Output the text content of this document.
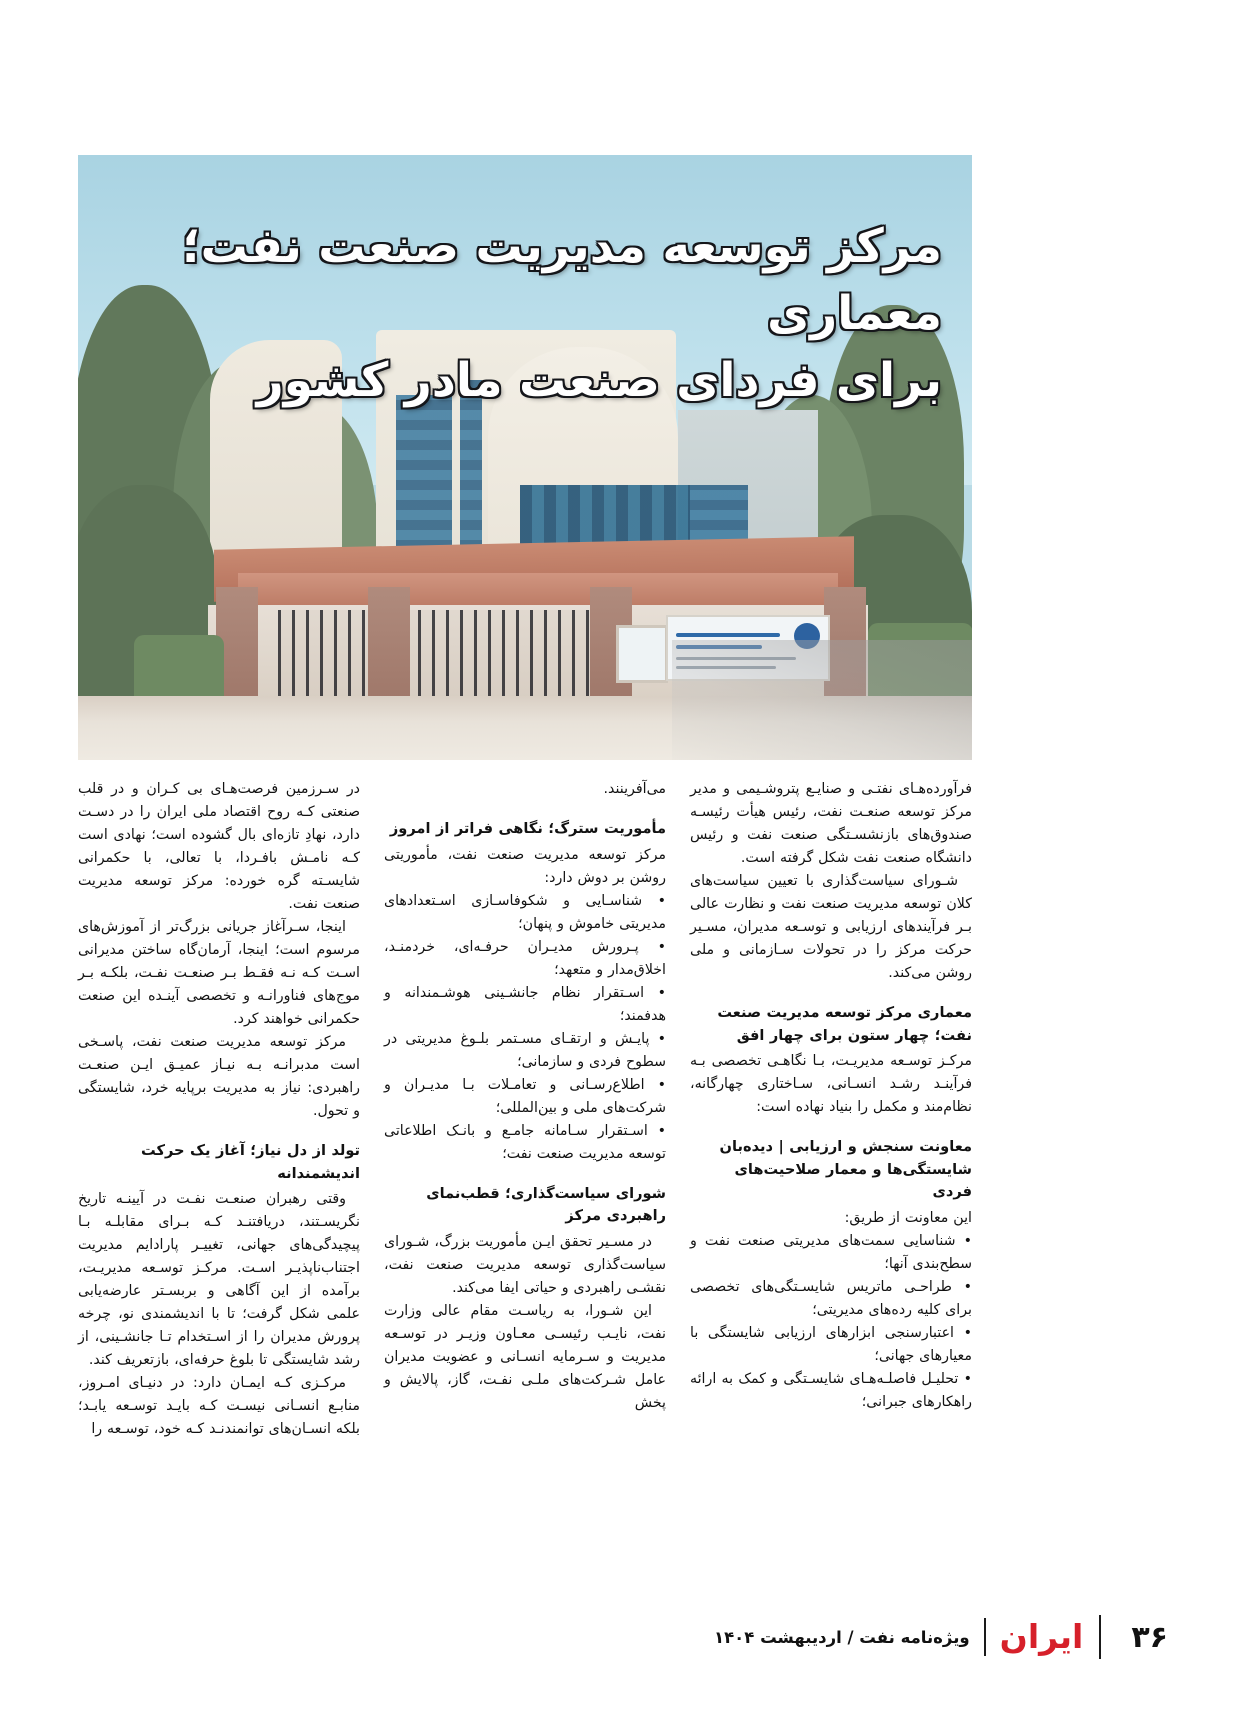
مرکز توسعه مدیریت صنعت نفت؛ معماری
برای فردای صنعت مادر کشور

در سـرزمین فرصت‌هـای بی کـران و در قلب صنعتی کـه روح اقتصاد ملی ایران را در دسـت دارد، نهادِ تازه‌ای بال گشوده است؛ نهادی است کـه نامـش بافـردا، با تعالی، با حکمرانی شایسـته گره خورده: مرکز توسعه مدیریت صنعت نفت.

اینجا، سـرآغاز جریانی بزرگ‌تر از آموزش‌های مرسوم است؛ اینجا، آرمان‌گاه ساختن مدیرانی اسـت کـه نـه فقـط بـر صنعـت نفـت، بلکـه بـر موج‌های فناورانـه و تخصصی آینـده این صنعت حکمرانی خواهند کرد.

مرکز توسعه مدیریت صنعت نفت، پاسـخی است مدبرانـه بـه نیـاز عمیـق ایـن صنعـت راهبردی: نیاز به مدیریت برپایه خرد، شایستگی و تحول.

تولد از دل نیاز؛ آغاز یک حرکت اندیشمندانه

وقتی رهبران صنعـت نفـت در آیینـه تاریخ نگریسـتند، دریافتنـد کـه بـرای مقابلـه بـا پیچیدگی‌های جهانی، تغییـر پارادایم مدیریت اجتناب‌ناپذیـر اسـت. مرکـز توسـعه مدیریـت، برآمده از این آگاهی و بربسـتر عارضه‌یابی علمی شکل گرفت؛ تا با اندیشمندی نو، چرخه پرورش مدیران را از اسـتخدام تـا جانشـینی، از رشد شایستگی تا بلوغ حرفه‌ای، بازتعریف کند.

مرکـزی کـه ایمـان دارد: در دنیـای امـروز، منابـع انسـانی نیسـت کـه بایـد توسـعه یابـد؛ بلکه انسـان‌های توانمندنـد کـه خود، توسـعه را

می‌آفرینند.

مأموریت سترگ؛ نگاهی فراتر از امروز

مرکز توسعه مدیریت صنعت نفت، مأموریتی روشن بر دوش دارد:

• شناسـایی و شکوفاسـازی اسـتعدادهای مدیریتی خاموش و پنهان؛
• پـرورش مدیـران حرفـه‌ای، خردمنـد، اخلاق‌مدار و متعهد؛
• اسـتقرار نظام جانشـینی هوشـمندانه و هدفمند؛
• پایـش و ارتقـای مسـتمر بلـوغ مدیریتی در سطوح فردی و سازمانی؛
• اطلاع‌رسـانی و تعامـلات بـا مدیـران و شرکت‌های ملی و بین‌المللی؛
• اسـتقرار سـامانه جامـع و بانـک اطلاعاتی توسعه مدیریت صنعت نفت؛
شورای سیاست‌گذاری؛ قطب‌نمای راهبردی مرکز

در مسـیر تحقق ایـن مأموریت بزرگ، شـورای سیاست‌گذاری توسعه مدیریت صنعت نفت، نقشـی راهبردی و حیاتی ایفا می‌کند.

این شـورا، به ریاسـت مقام عالی وزارت نفت، نایـب رئیسـی معـاون وزیـر در توسـعه مدیریت و سـرمایه انسـانی و عضویت مدیران عامل شـرکت‌های ملـی نفـت، گاز، پالایش و پخش

فرآورده‌هـای نفتـی و صنایـع پتروشـیمی و مدیر مرکز توسعه صنعـت نفت، رئیس هیأت رئیسـه صندوق‌های بازنشسـتگی صنعت نفت و رئیس دانشگاه صنعت نفت شکل گرفته است.

شـورای سیاست‌گذاری با تعیین سیاست‌های کلان توسعه مدیریت صنعت نفت و نظارت عالی بـر فرآیندهای ارزیابی و توسـعه مدیران، مسـیر حرکت مرکز را در تحولات سـازمانی و ملی روشن می‌کند.

معماری مرکز توسعه مدیریت صنعت نفت؛ چهار ستون برای چهار افق

مرکـز توسـعه مدیریـت، بـا نگاهـی تخصصی بـه فرآینـد رشـد انسـانی، سـاختاری چهارگانه، نظام‌مند و مکمل را بنیاد نهاده است:

معاونت سنجش و ارزیابی | دیده‌بان شایستگی‌ها و معمار صلاحیت‌های فردی

این معاونت از طریق:

• شناسایی سمت‌های مدیریتی صنعت نفت و سطح‌بندی آنها؛
• طراحـی ماتریس شایسـتگی‌های تخصصی برای کلیه رده‌های مدیریتی؛
• اعتبارسنجی ابزارهای ارزیابی شایستگی با معیارهای جهانی؛
• تحلیـل فاصلـه‌هـای شایسـتگی و کمک به ارائه راهکارهای جبرانی؛
۳۶
ایران
ویژه‌نامه نفت / اردیبهشت ۱۴۰۴
